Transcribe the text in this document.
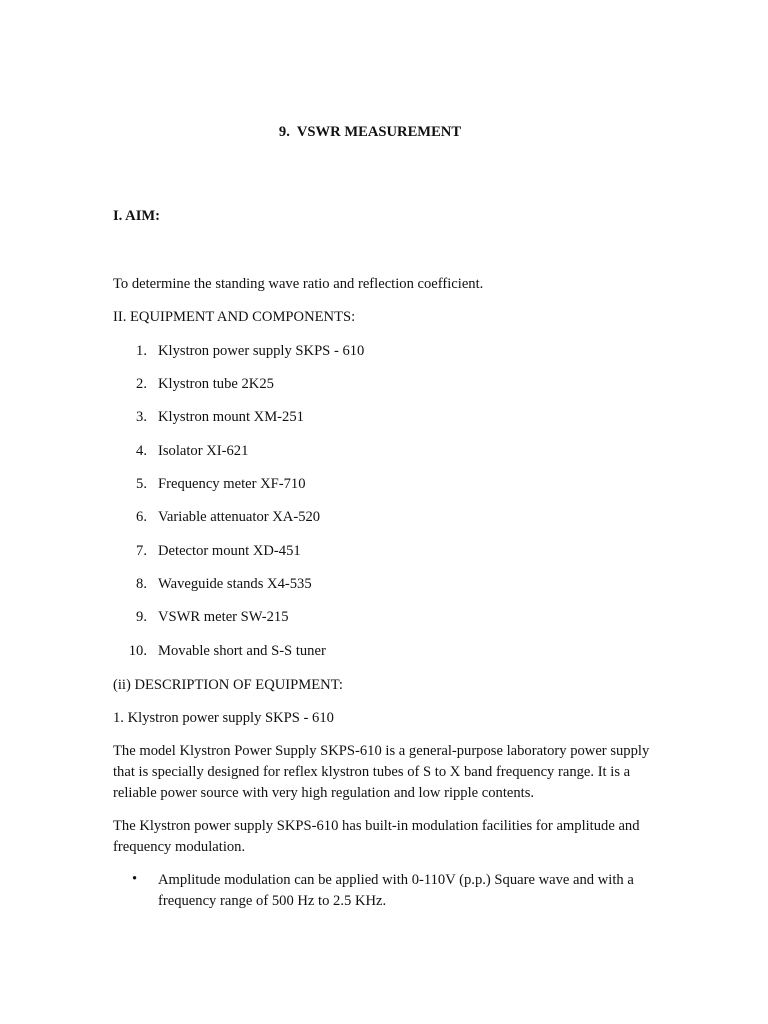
9.  VSWR MEASUREMENT
I. AIM:
To determine the standing wave ratio and reflection coefficient.
II. EQUIPMENT AND COMPONENTS:
1. Klystron power supply SKPS - 610
2. Klystron tube 2K25
3. Klystron mount XM-251
4. Isolator XI-621
5. Frequency meter XF-710
6. Variable attenuator XA-520
7. Detector mount XD-451
8. Waveguide stands X4-535
9. VSWR meter SW-215
10. Movable short and S-S tuner
(ii) DESCRIPTION OF EQUIPMENT:
1. Klystron power supply SKPS - 610
The model Klystron Power Supply SKPS-610 is a general-purpose laboratory power supply that is specially designed for reflex klystron tubes of S to X band frequency range. It is a reliable power source with very high regulation and low ripple contents.
The Klystron power supply SKPS-610 has built-in modulation facilities for amplitude and frequency modulation.
• Amplitude modulation can be applied with 0-110V (p.p.) Square wave and with a frequency range of 500 Hz to 2.5 KHz.
